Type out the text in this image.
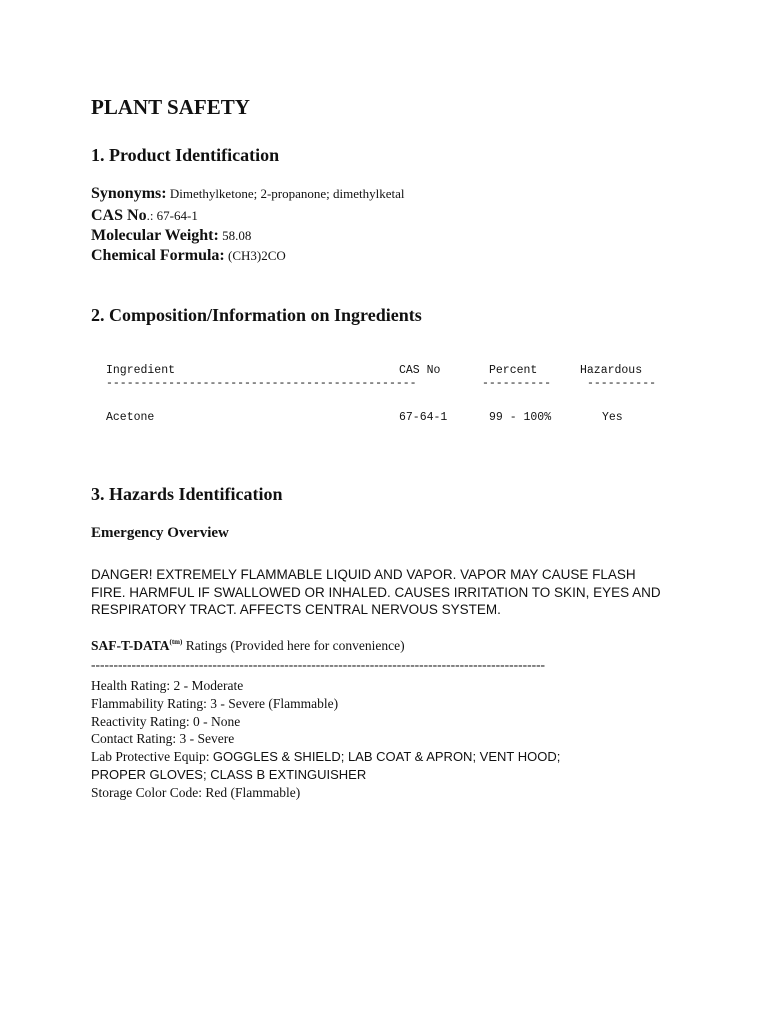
PLANT SAFETY
1. Product Identification
Synonyms: Dimethylketone; 2-propanone; dimethylketal
CAS No.: 67-64-1
Molecular Weight: 58.08
Chemical Formula: (CH3)2CO
2. Composition/Information on Ingredients
Ingredient	CAS No	Percent	Hazardous
---------------------------------------------	----------	----------
Acetone	67-64-1	99 - 100%	Yes
3. Hazards Identification
Emergency Overview

DANGER! EXTREMELY FLAMMABLE LIQUID AND VAPOR. VAPOR MAY CAUSE FLASH FIRE. HARMFUL IF SWALLOWED OR INHALED. CAUSES IRRITATION TO SKIN, EYES AND RESPIRATORY TRACT. AFFECTS CENTRAL NERVOUS SYSTEM.

SAF-$T-DATA^{(tm)}$ Ratings (Provided here for convenience)
-----------------------------------------------------------------------------------------------------
Health Rating: 2 - Moderate
Flammability Rating: 3 - Severe (Flammable)
Reactivity Rating: 0 - None
Contact Rating: 3 - Severe
Lab Protective Equip: GOGGLES & SHIELD; LAB COAT & APRON; VENT HOOD;
PROPER GLOVES; CLASS B EXTINGUISHER
Storage Color Code: Red (Flammable)
